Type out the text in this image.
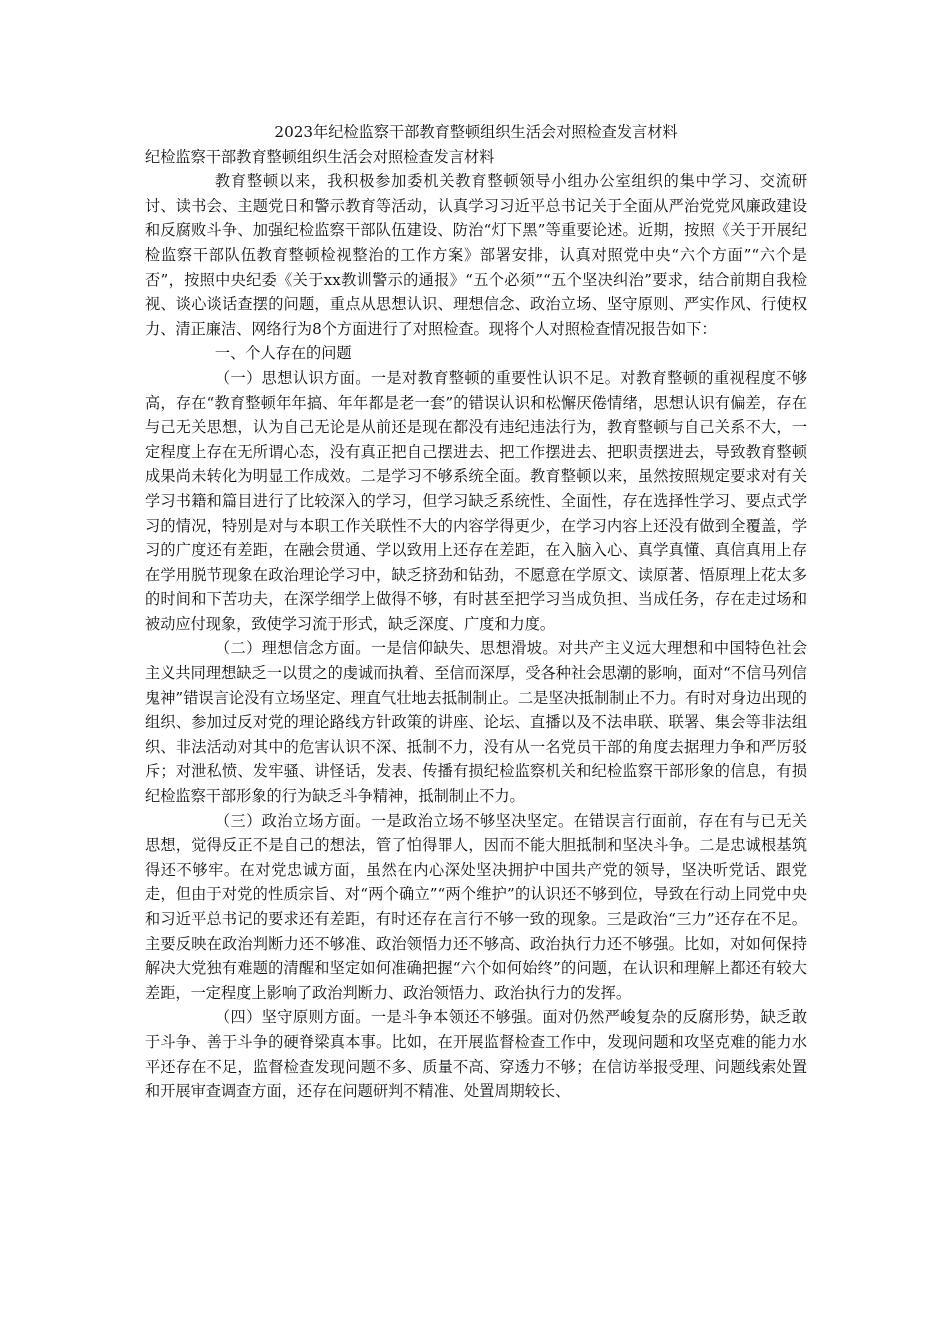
2023年纪检监察干部教育整顿组织生活会对照检查发言材料

纪检监察干部教育整顿组织生活会对照检查发言材料

教育整顿以来，我积极参加委机关教育整顿领导小组办公室组织的集中学习、交流研讨、读书会、主题党日和警示教育等活动，认真学习习近平总书记关于全面从严治党党风廉政建设和反腐败斗争、加强纪检监察干部队伍建设、防治“灯下黑”等重要论述。近期，按照《关于开展纪检监察干部队伍教育整顿检视整治的工作方案》部署安排，认真对照党中央“六个方面”“六个是否”，按照中央纪委《关于xx教训警示的通报》“五个必须”“五个坚决纠治”要求，结合前期自我检视、谈心谈话查摆的问题，重点从思想认识、理想信念、政治立场、坚守原则、严实作风、行使权力、清正廉洁、网络行为8个方面进行了对照检查。现将个人对照检查情况报告如下：

一、个人存在的问题

（一）思想认识方面。一是对教育整顿的重要性认识不足。对教育整顿的重视程度不够高，存在“教育整顿年年搞、年年都是老一套”的错误认识和松懈厌倦情绪，思想认识有偏差，存在与己无关思想，认为自己无论是从前还是现在都没有违纪违法行为，教育整顿与自己关系不大，一定程度上存在无所谓心态，没有真正把自己摆进去、把工作摆进去、把职责摆进去，导致教育整顿成果尚未转化为明显工作成效。二是学习不够系统全面。教育整顿以来，虽然按照规定要求对有关学习书籍和篇目进行了比较深入的学习，但学习缺乏系统性、全面性，存在选择性学习、要点式学习的情况，特别是对与本职工作关联性不大的内容学得更少，在学习内容上还没有做到全覆盖，学习的广度还有差距，在融会贯通、学以致用上还存在差距，在入脑入心、真学真懂、真信真用上存在学用脱节现象在政治理论学习中，缺乏挤劲和钻劲，不愿意在学原文、读原著、悟原理上花太多的时间和下苦功夫，在深学细学上做得不够，有时甚至把学习当成负担、当成任务，存在走过场和被动应付现象，致使学习流于形式，缺乏深度、广度和力度。

（二）理想信念方面。一是信仰缺失、思想滑坡。对共产主义远大理想和中国特色社会主义共同理想缺乏一以贯之的虔诚而执着、至信而深厚，受各种社会思潮的影响，面对“不信马列信鬼神”错误言论没有立场坚定、理直气壮地去抵制制止。二是坚决抵制制止不力。有时对身边出现的组织、参加过反对党的理论路线方针政策的讲座、论坛、直播以及不法串联、联署、集会等非法组织、非法活动对其中的危害认识不深、抵制不力，没有从一名党员干部的角度去据理力争和严厉驳斥；对泄私愤、发牢骚、讲怪话，发表、传播有损纪检监察机关和纪检监察干部形象的信息，有损纪检监察干部形象的行为缺乏斗争精神，抵制制止不力。

（三）政治立场方面。一是政治立场不够坚决坚定。在错误言行面前，存在有与已无关思想，觉得反正不是自己的想法，管了怕得罪人，因而不能大胆抵制和坚决斗争。二是忠诚根基筑得还不够牢。在对党忠诚方面，虽然在内心深处坚决拥护中国共产党的领导，坚决听党话、跟党走，但由于对党的性质宗旨、对“两个确立”“两个维护”的认识还不够到位，导致在行动上同党中央和习近平总书记的要求还有差距，有时还存在言行不够一致的现象。三是政治“三力”还存在不足。主要反映在政治判断力还不够准、政治领悟力还不够高、政治执行力还不够强。比如，对如何保持解决大党独有难题的清醒和坚定如何准确把握“六个如何始终”的问题，在认识和理解上都还有较大差距，一定程度上影响了政治判断力、政治领悟力、政治执行力的发挥。

（四）坚守原则方面。一是斗争本领还不够强。面对仍然严峻复杂的反腐形势，缺乏敢于斗争、善于斗争的硬脊梁真本事。比如，在开展监督检查工作中，发现问题和攻坚克难的能力水平还存在不足，监督检查发现问题不多、质量不高、穿透力不够；在信访举报受理、问题线索处置和开展审查调查方面，还存在问题研判不精准、处置周期较长、
